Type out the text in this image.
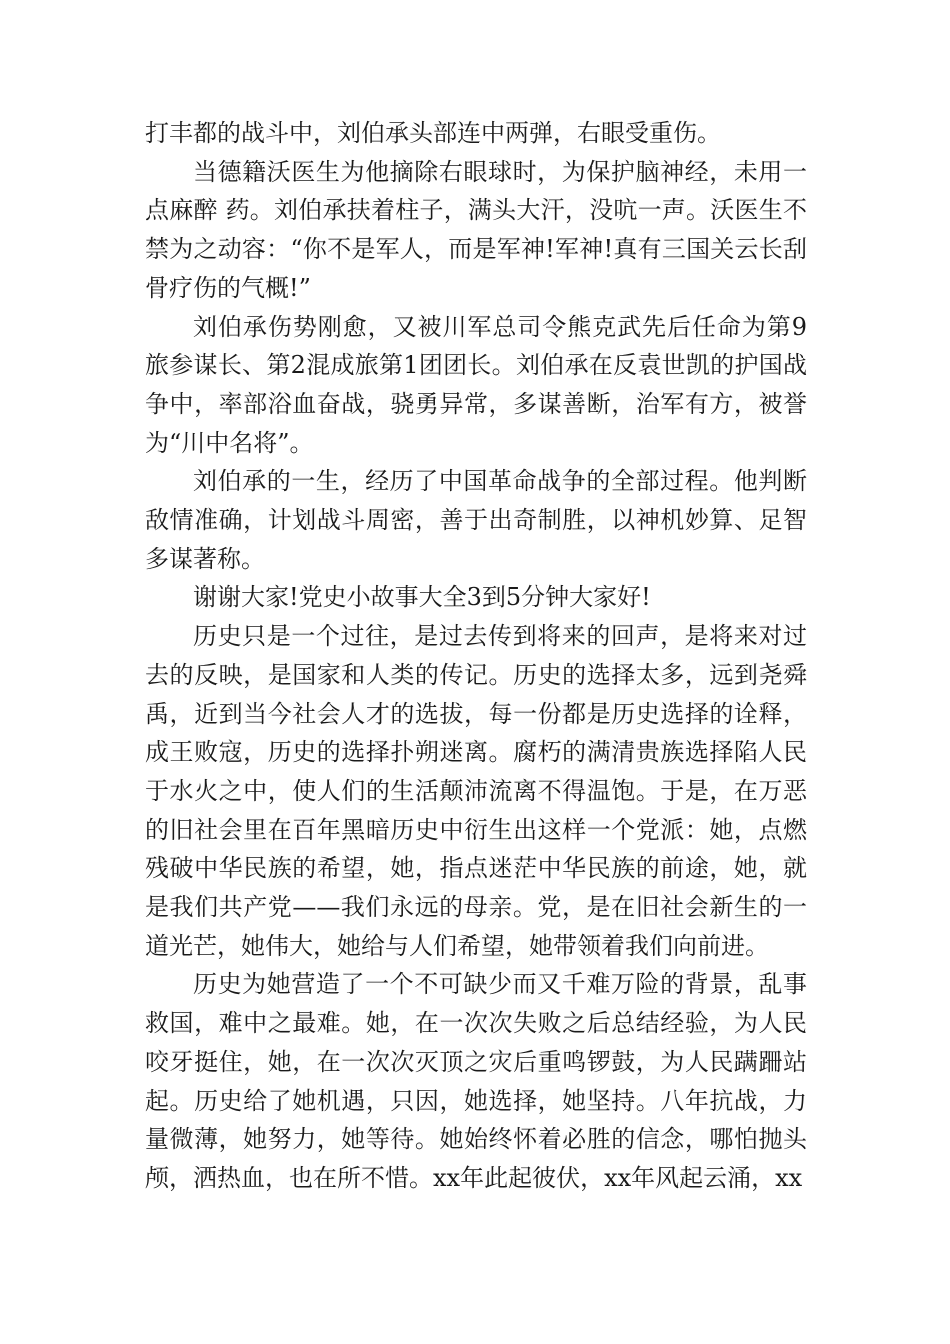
打丰都的战斗中，刘伯承头部连中两弹，右眼受重伤。

当德籍沃医生为他摘除右眼球时，为保护脑神经，未用一点麻醉 药。刘伯承扶着柱子，满头大汗，没吭一声。沃医生不禁为之动容：“你不是军人，而是军神!军神!真有三国关云长刮骨疗伤的气概!”

刘伯承伤势刚愈，又被川军总司令熊克武先后任命为第9旅参谋长、第2混成旅第1团团长。刘伯承在反袁世凯的护国战争中，率部浴血奋战，骁勇异常，多谋善断，治军有方，被誉为“川中名将”。

刘伯承的一生，经历了中国革命战争的全部过程。他判断敌情准确，计划战斗周密，善于出奇制胜，以神机妙算、足智多谋著称。

谢谢大家!党史小故事大全3到5分钟大家好!

历史只是一个过往，是过去传到将来的回声，是将来对过去的反映，是国家和人类的传记。历史的选择太多，远到尧舜禹，近到当今社会人才的选拔，每一份都是历史选择的诠释，成王败寇，历史的选择扑朔迷离。腐朽的满清贵族选择陷人民于水火之中，使人们的生活颠沛流离不得温饱。于是，在万恶的旧社会里在百年黑暗历史中衍生出这样一个党派：她，点燃残破中华民族的希望，她，指点迷茫中华民族的前途，她，就是我们共产党——我们永远的母亲。党，是在旧社会新生的一道光芒，她伟大，她给与人们希望，她带领着我们向前进。

历史为她营造了一个不可缺少而又千难万险的背景，乱事救国，难中之最难。她，在一次次失败之后总结经验，为人民咬牙挺住，她，在一次次灭顶之灾后重鸣锣鼓，为人民蹒跚站起。历史给了她机遇，只因，她选择，她坚持。八年抗战，力量微薄，她努力，她等待。她始终怀着必胜的信念，哪怕抛头颅，洒热血，也在所不惜。xx年此起彼伏，xx年风起云涌，xx
